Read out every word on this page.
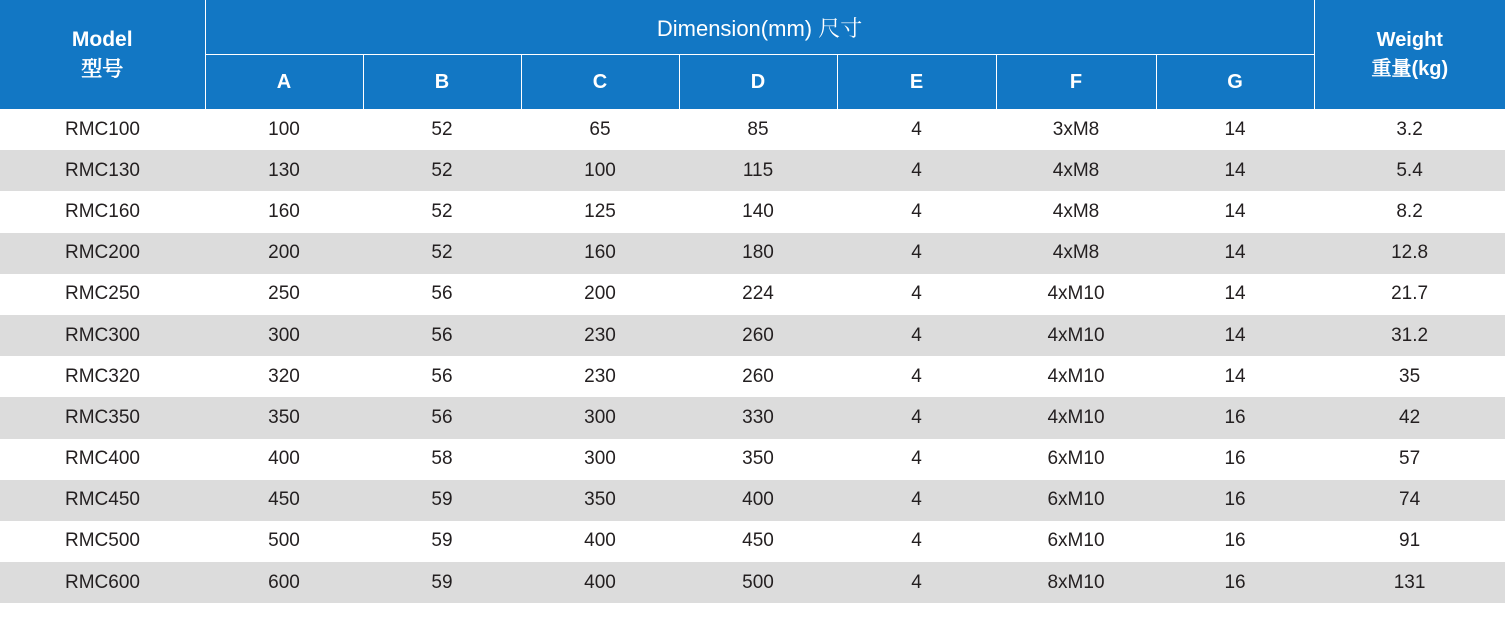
Model
型号
	Dimension(mm) 尺寸	Weight
重量(kg)

	A	B	C	D	E	F	G	
RMC100	100	52	65	85	4	3xM8	14	3.2
RMC130	130	52	100	115	4	4xM8	14	5.4
RMC160	160	52	125	140	4	4xM8	14	8.2
RMC200	200	52	160	180	4	4xM8	14	12.8
RMC250	250	56	200	224	4	4xM10	14	21.7
RMC300	300	56	230	260	4	4xM10	14	31.2
RMC320	320	56	230	260	4	4xM10	14	35
RMC350	350	56	300	330	4	4xM10	16	42
RMC400	400	58	300	350	4	6xM10	16	57
RMC450	450	59	350	400	4	6xM10	16	74
RMC500	500	59	400	450	4	6xM10	16	91
RMC600	600	59	400	500	4	8xM10	16	131
